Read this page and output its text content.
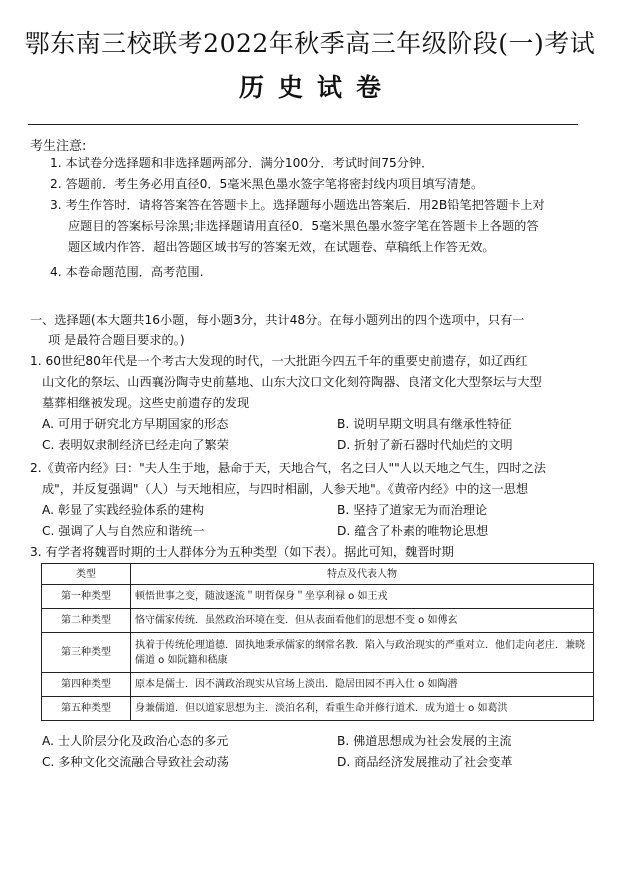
鄂东南三校联考2022年秋季高三年级阶段(一)考试
历史试卷
考生注意:
1. 本试卷分选择题和非选择题两部分．满分100分．考试时间75分钟．
2. 答题前．考生务必用直径0．5毫米黑色墨水签字笔将密封线内项目填写清楚。
3. 考生作答时．请将答案答在答题卡上。选择题每小题选出答案后．用2B铅笔把答题卡上对
应题目的答案标号涂黑;非选择题请用直径0．5毫米黑色墨水签字笔在答题卡上各题的答
题区域内作答．超出答题区域书写的答案无效，在试题卷、草稿纸上作答无效。
4. 本卷命题范围．高考范围.
一、选择题(本大题共16小题，每小题3分，共计48分。在每小题列出的四个选项中，只有一
项 是最符合题目要求的。)
1. 60世纪80年代是一个考古大发现的时代，一大批距今四五千年的重要史前遗存，如辽西红
山文化的祭坛、山西襄汾陶寺史前墓地、山东大汶口文化刻符陶器、良渚文化大型祭坛与大型
墓葬相继被发现。这些史前遗存的发现
A. 可用于研究北方早期国家的形态	B. 说明早期文明具有继承性特征
C. 表明奴隶制经济已经走向了繁荣	D. 折射了新石器时代灿烂的文明
2.《黄帝内经》曰："夫人生于地，悬命于天，天地合气，名之曰人""人以天地之气生，四时之法
成"，并反复强调"（人）与天地相应，与四时相副，人参天地"。《黄帝内经》中的这一思想
A. 彰显了实践经验体系的建构	B. 坚持了道家无为而治理论
C. 强调了人与自然应和谐统一	D. 蕴含了朴素的唯物论思想
3. 有学者将魏晋时期的士人群体分为五种类型（如下表）。据此可知，魏晋时期
类型	特点及代表人物
第一种类型	顿悟世事之变，随波逐流＂明哲保身＂坐享利禄 o 如王戎
第二种类型	恪守儒家传统．虽然政治环境在变．但从表面看他们的思想不变 o 如傅玄
第三种类型	执着于传统伦理道德．固执地秉承儒家的纲常名教．陷入与政治现实的严重对立．他们走向老庄．兼晓儒道 o 如阮籍和嵇康
第四种类型	原本是儒士．因不满政治现实从官场上淡出．隐居田园不再入仕 o 如陶潜
第五种类型	身兼儒道．但以道家思想为主．淡泊名利，看重生命并修行道术．成为道士 o 如葛洪
A. 士人阶层分化及政治心态的多元	B. 佛道思想成为社会发展的主流
C. 多种文化交流融合导致社会动荡	D. 商品经济发展推动了社会变革
